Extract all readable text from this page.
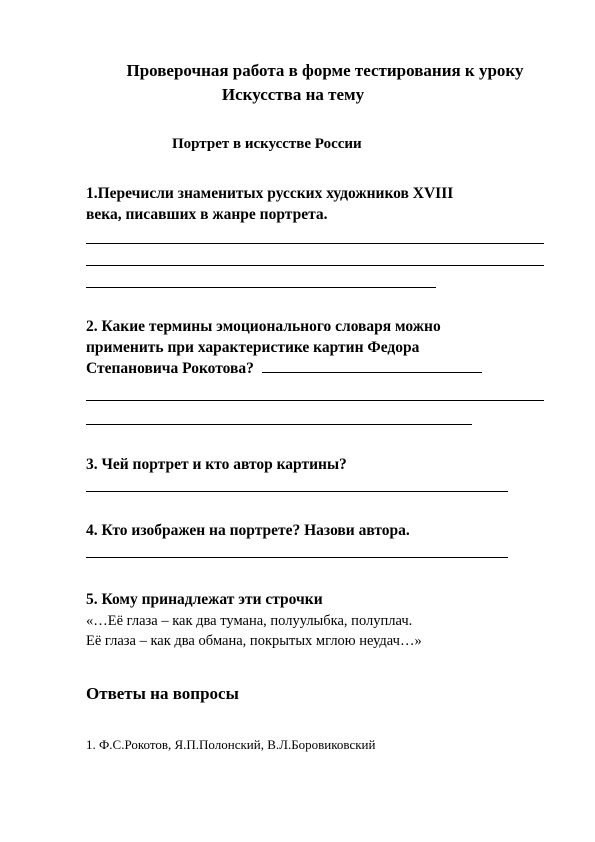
Проверочная работа в форме тестирования к уроку
Искусства на тему
Портрет в искусстве России
1.Перечисли знаменитых русских художников XVIII
века, писавших в жанре портрета.
2. Какие термины эмоционального словаря можно
применить при характеристике картин Федора
Степановича Рокотова?
3. Чей портрет и кто автор картины?
4. Кто изображен на портрете? Назови автора.
5. Кому принадлежат эти строчки
«…Её глаза – как два тумана, полуулыбка, полуплач.
Её глаза – как два обмана, покрытых мглою неудач…»
Ответы на вопросы
1. Ф.С.Рокотов, Я.П.Полонский, В.Л.Боровиковский
